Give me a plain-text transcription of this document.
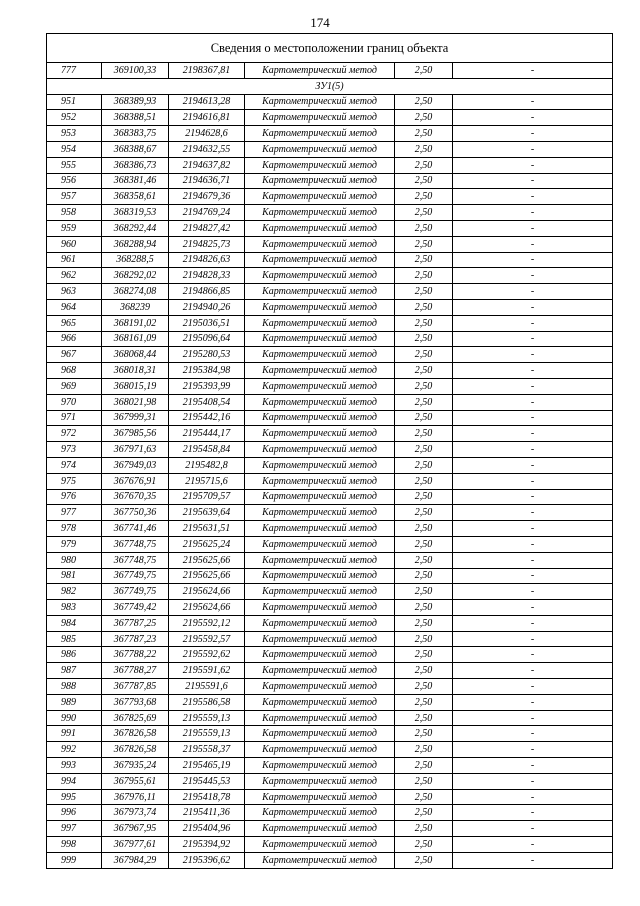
174
Сведения о местоположении границ объекта					
777	369100,33	2198367,81	Картометрический метод	2,50	-
ЗУ1(5)					
951	368389,93	2194613,28	Картометрический метод	2,50	-
952	368388,51	2194616,81	Картометрический метод	2,50	-
953	368383,75	2194628,6	Картометрический метод	2,50	-
954	368388,67	2194632,55	Картометрический метод	2,50	-
955	368386,73	2194637,82	Картометрический метод	2,50	-
956	368381,46	2194636,71	Картометрический метод	2,50	-
957	368358,61	2194679,36	Картометрический метод	2,50	-
958	368319,53	2194769,24	Картометрический метод	2,50	-
959	368292,44	2194827,42	Картометрический метод	2,50	-
960	368288,94	2194825,73	Картометрический метод	2,50	-
961	368288,5	2194826,63	Картометрический метод	2,50	-
962	368292,02	2194828,33	Картометрический метод	2,50	-
963	368274,08	2194866,85	Картометрический метод	2,50	-
964	368239	2194940,26	Картометрический метод	2,50	-
965	368191,02	2195036,51	Картометрический метод	2,50	-
966	368161,09	2195096,64	Картометрический метод	2,50	-
967	368068,44	2195280,53	Картометрический метод	2,50	-
968	368018,31	2195384,98	Картометрический метод	2,50	-
969	368015,19	2195393,99	Картометрический метод	2,50	-
970	368021,98	2195408,54	Картометрический метод	2,50	-
971	367999,31	2195442,16	Картометрический метод	2,50	-
972	367985,56	2195444,17	Картометрический метод	2,50	-
973	367971,63	2195458,84	Картометрический метод	2,50	-
974	367949,03	2195482,8	Картометрический метод	2,50	-
975	367676,91	2195715,6	Картометрический метод	2,50	-
976	367670,35	2195709,57	Картометрический метод	2,50	-
977	367750,36	2195639,64	Картометрический метод	2,50	-
978	367741,46	2195631,51	Картометрический метод	2,50	-
979	367748,75	2195625,24	Картометрический метод	2,50	-
980	367748,75	2195625,66	Картометрический метод	2,50	-
981	367749,75	2195625,66	Картометрический метод	2,50	-
982	367749,75	2195624,66	Картометрический метод	2,50	-
983	367749,42	2195624,66	Картометрический метод	2,50	-
984	367787,25	2195592,12	Картометрический метод	2,50	-
985	367787,23	2195592,57	Картометрический метод	2,50	-
986	367788,22	2195592,62	Картометрический метод	2,50	-
987	367788,27	2195591,62	Картометрический метод	2,50	-
988	367787,85	2195591,6	Картометрический метод	2,50	-
989	367793,68	2195586,58	Картометрический метод	2,50	-
990	367825,69	2195559,13	Картометрический метод	2,50	-
991	367826,58	2195559,13	Картометрический метод	2,50	-
992	367826,58	2195558,37	Картометрический метод	2,50	-
993	367935,24	2195465,19	Картометрический метод	2,50	-
994	367955,61	2195445,53	Картометрический метод	2,50	-
995	367976,11	2195418,78	Картометрический метод	2,50	-
996	367973,74	2195411,36	Картометрический метод	2,50	-
997	367967,95	2195404,96	Картометрический метод	2,50	-
998	367977,61	2195394,92	Картометрический метод	2,50	-
999	367984,29	2195396,62	Картометрический метод	2,50	-
